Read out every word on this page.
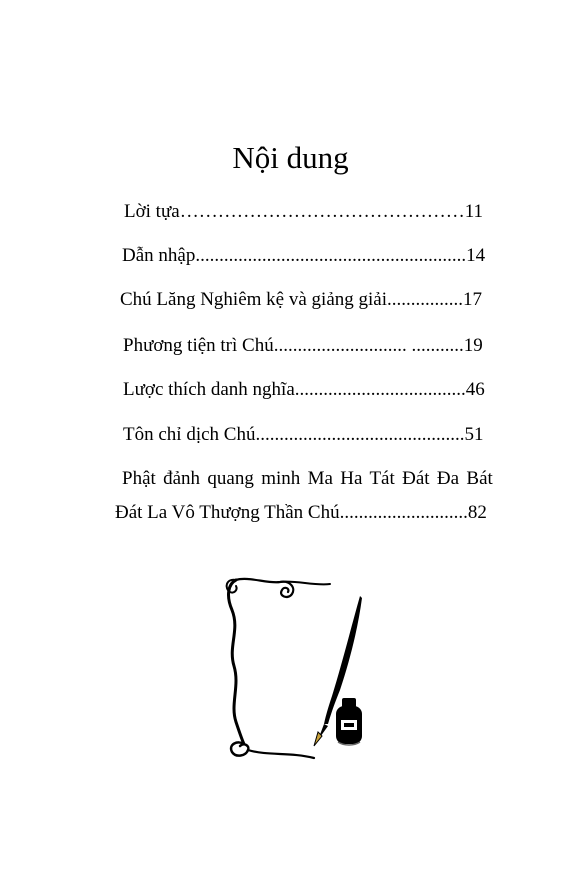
Nội dung
Lời tựa………………………………………11
Dẫn nhập.........................................................14
Chú Lăng Nghiêm kệ và giảng giải................17
Phương tiện trì Chú............................ ...........19
Lược thích danh nghĩa....................................46
Tôn chỉ dịch Chú............................................51
Phật đảnh quang minh Ma Ha Tát Đát Đa Bát
Đát La Vô Thượng Thần Chú...........................82
